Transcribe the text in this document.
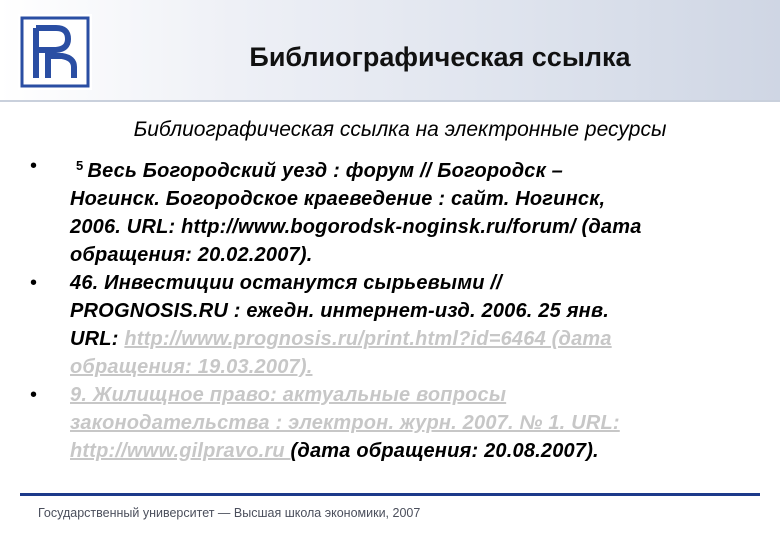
Библиографическая ссылка
Библиографическая ссылка на электронные ресурсы
•	$^5$ Весь Богородский уезд : форум // Богородск –
Ногинск. Богородское краеведение : сайт. Ногинск,
2006. URL: http://www.bogorodsk-noginsk.ru/forum/ (дата
обращения: 20.02.2007).
• 46. Инвестиции останутся сырьевыми //
PROGNOSIS.RU : ежедн. интернет-изд. 2006. 25 янв.
URL: http://www.prognosis.ru/print.html?id=6464 (дата
обращения: 19.03.2007).
• 9. Жилищное право: актуальные вопросы
законодательства : электрон. журн. 2007. № 1. URL:
http://www.gilpravo.ru (дата обращения: 20.08.2007).
Государственный университет — Высшая школа экономики, 2007
